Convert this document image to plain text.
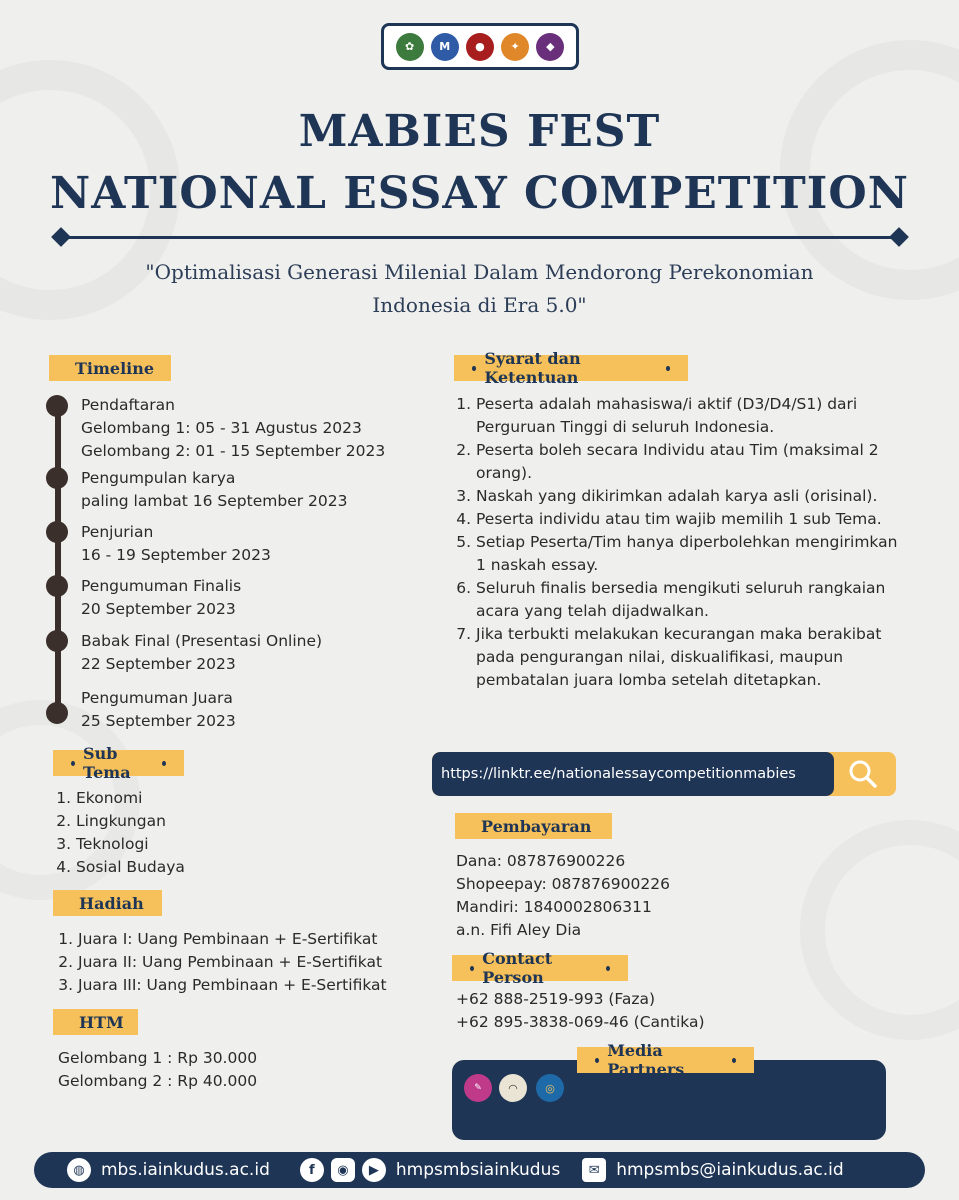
✿	M	●	✦	◆
MABIES FEST
NATIONAL ESSAY COMPETITION
"Optimalisasi Generasi Milenial Dalam Mendorong Perekonomian Indonesia di Era 5.0"
Timeline
Pendaftaran
Gelombang 1: 05 - 31 Agustus 2023
Gelombang 2: 01 - 15 September 2023
Pengumpulan karya
paling lambat 16 September 2023
Penjurian
16 - 19 September 2023
Pengumuman Finalis
20 September 2023
Babak Final (Presentasi Online)
22 September 2023
Pengumuman Juara
25 September 2023
Sub Tema
1. Ekonomi
2. Lingkungan
3. Teknologi
4. Sosial Budaya
Hadiah
1. Juara I: Uang Pembinaan + E-Sertifikat
2. Juara II: Uang Pembinaan + E-Sertifikat
3. Juara III: Uang Pembinaan + E-Sertifikat
HTM
Gelombang 1 : Rp 30.000
Gelombang 2 : Rp 40.000
Syarat dan Ketentuan
1. Peserta adalah mahasiswa/i aktif (D3/D4/S1) dari Perguruan Tinggi di seluruh Indonesia.
2. Peserta boleh secara Individu atau Tim (maksimal 2 orang).
3. Naskah yang dikirimkan adalah karya asli (orisinal).
4. Peserta individu atau tim wajib memilih 1 sub Tema.
5. Setiap Peserta/Tim hanya diperbolehkan mengirimkan 1 naskah essay.
6. Seluruh finalis bersedia mengikuti seluruh rangkaian acara yang telah dijadwalkan.
7. Jika terbukti melakukan kecurangan maka berakibat pada pengurangan nilai, diskualifikasi, maupun pembatalan juara lomba setelah ditetapkan.
https://linktr.ee/nationalessaycompetitionmabies
Pembayaran
Dana: 087876900226
Shopeepay: 087876900226
Mandiri: 1840002806311
a.n. Fifi Aley Dia
Contact Person
+62 888-2519-993 (Faza)
+62 895-3838-069-46 (Cantika)
✎	◠	◎
Media Partners
◍ mbs.iainkudus.ac.id	f	◉	▶	hmpsmbsiainkudus	✉ hmpsmbs@iainkudus.ac.id
